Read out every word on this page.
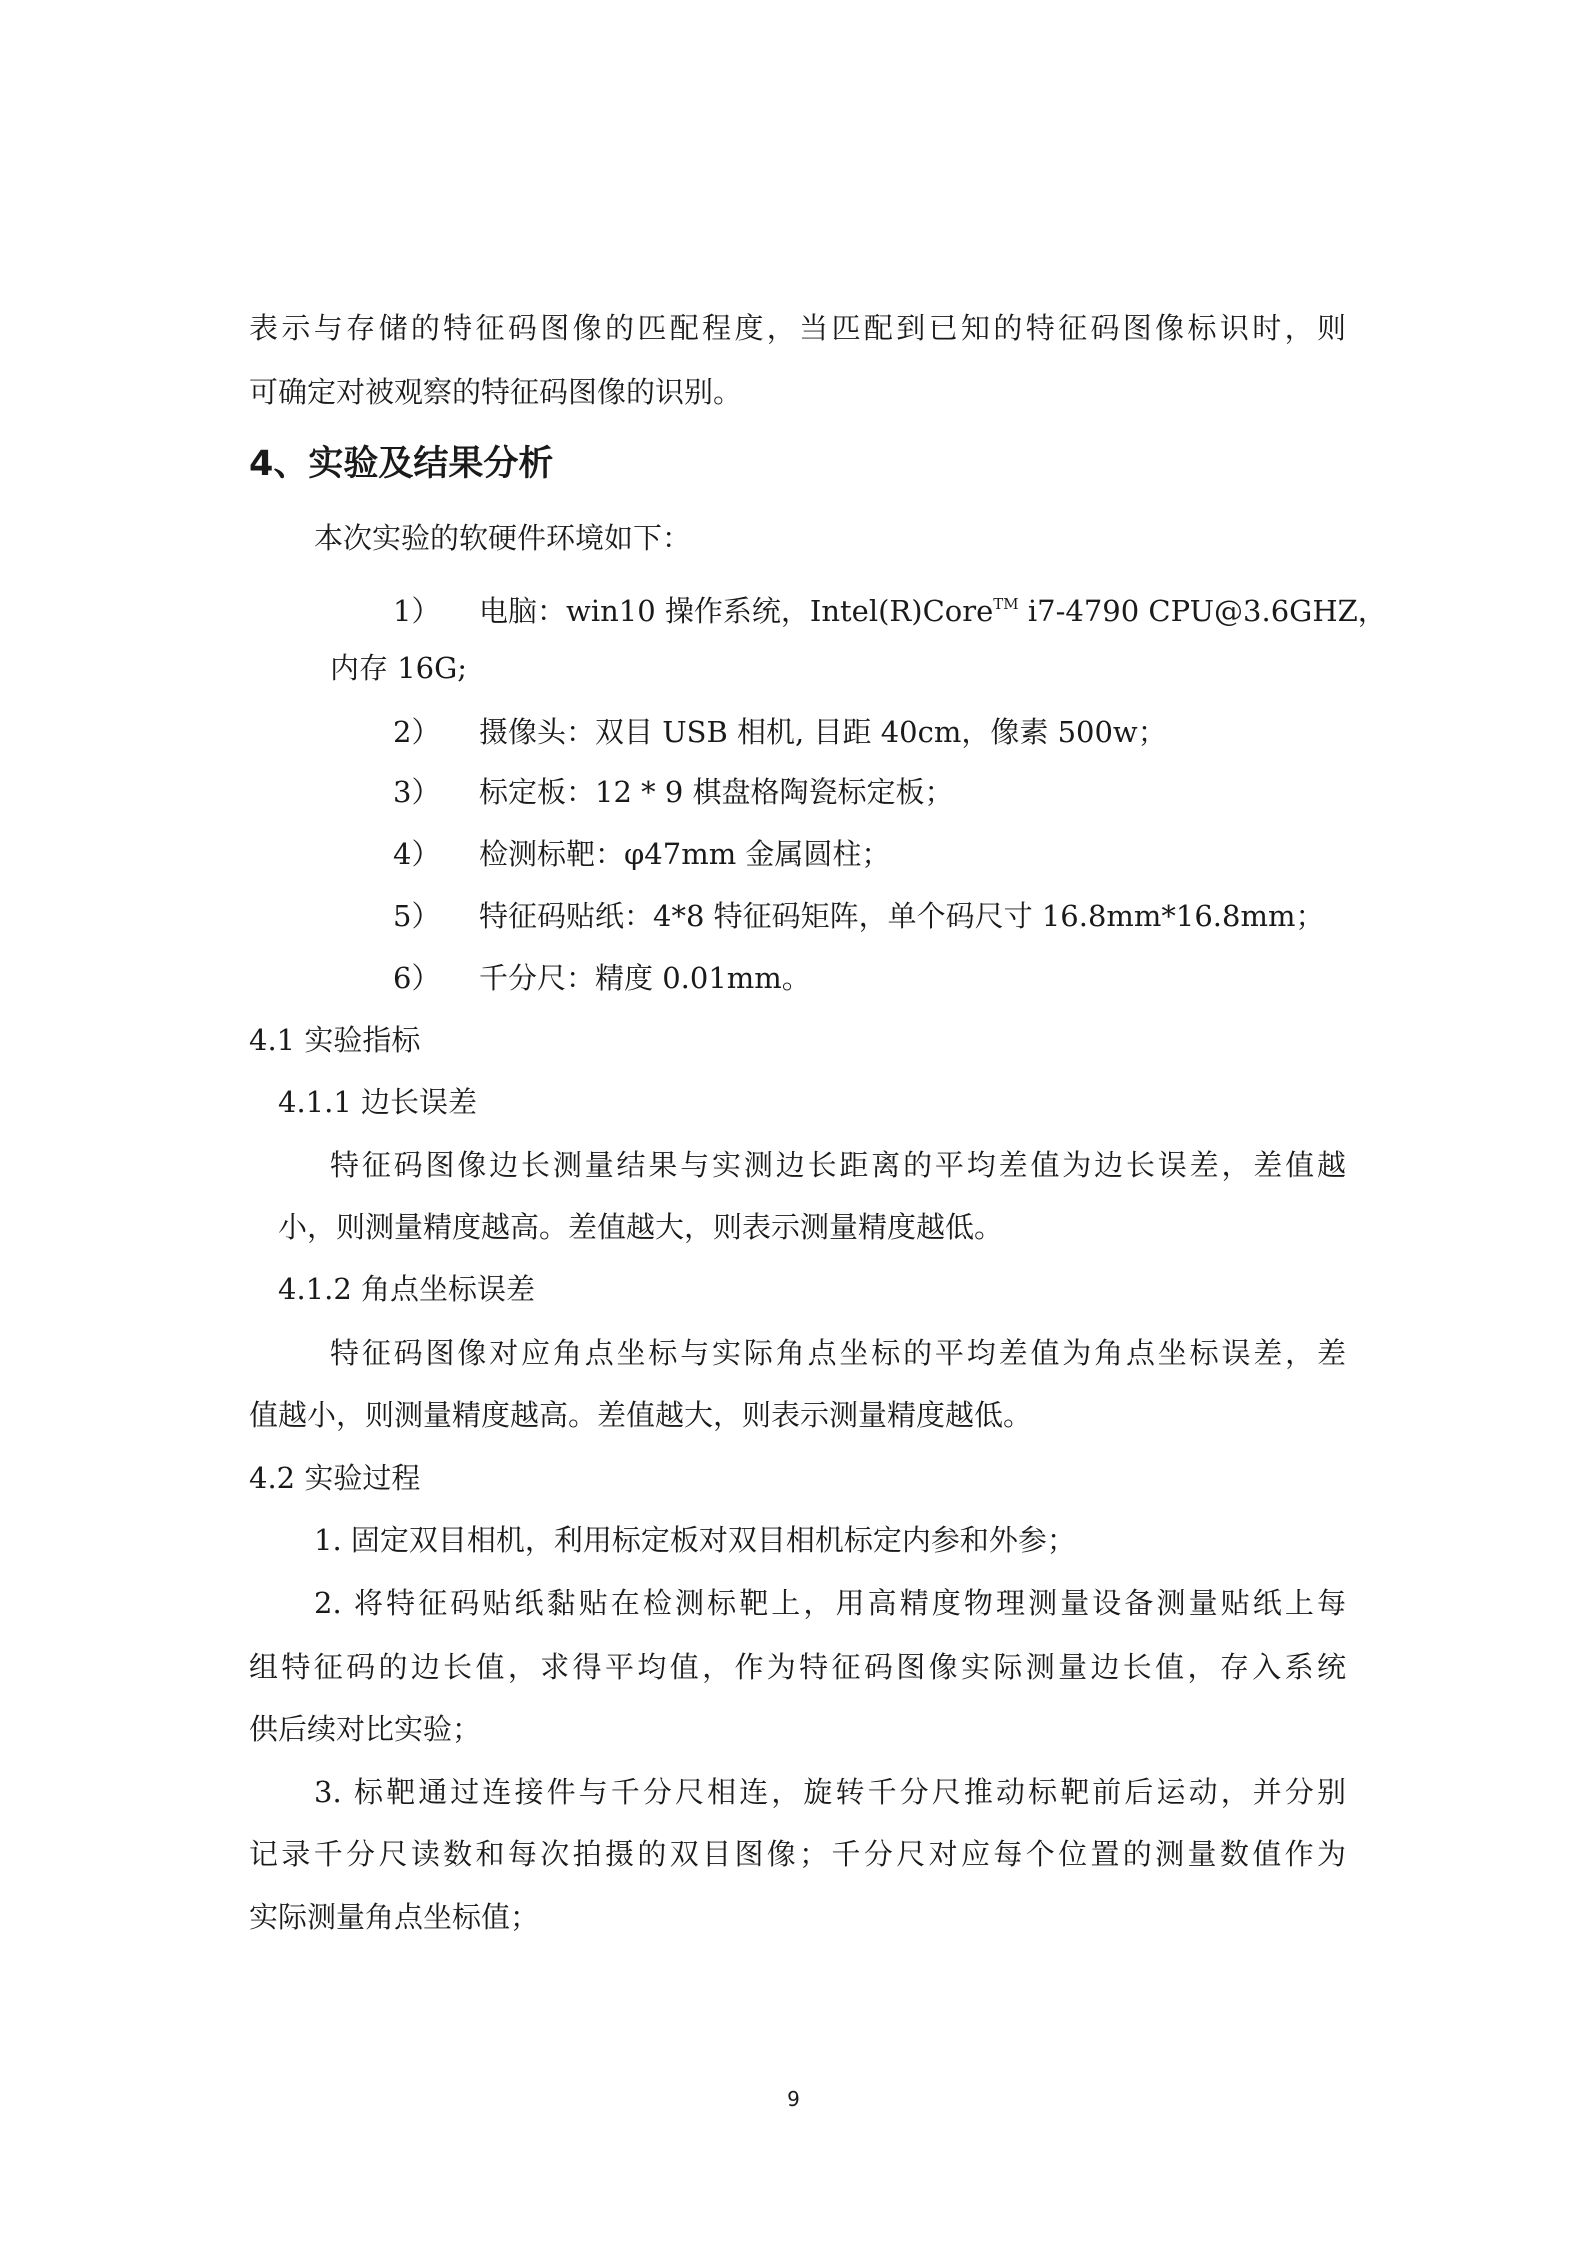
表示与存储的特征码图像的匹配程度，当匹配到已知的特征码图像标识时，则
可确定对被观察的特征码图像的识别。
4、实验及结果分析
本次实验的软硬件环境如下：
1） 电脑：win10 操作系统，Intel(R)Core™ i7-4790 CPU@3.6GHZ，
内存 16G;
2） 摄像头：双目 USB 相机, 目距 40cm，像素 500w；
3） 标定板：12 * 9 棋盘格陶瓷标定板；
4） 检测标靶：φ47mm 金属圆柱；
5） 特征码贴纸：4*8 特征码矩阵，单个码尺寸 16.8mm*16.8mm；
6） 千分尺：精度 0.01mm。
4.1 实验指标
4.1.1 边长误差
特征码图像边长测量结果与实测边长距离的平均差值为边长误差，差值越
小，则测量精度越高。差值越大，则表示测量精度越低。
4.1.2 角点坐标误差
特征码图像对应角点坐标与实际角点坐标的平均差值为角点坐标误差，差
值越小，则测量精度越高。差值越大，则表示测量精度越低。
4.2 实验过程
1. 固定双目相机，利用标定板对双目相机标定内参和外参；
2. 将特征码贴纸黏贴在检测标靶上，用高精度物理测量设备测量贴纸上每
组特征码的边长值，求得平均值，作为特征码图像实际测量边长值，存入系统
供后续对比实验；
3. 标靶通过连接件与千分尺相连，旋转千分尺推动标靶前后运动，并分别
记录千分尺读数和每次拍摄的双目图像；千分尺对应每个位置的测量数值作为
实际测量角点坐标值；
9
